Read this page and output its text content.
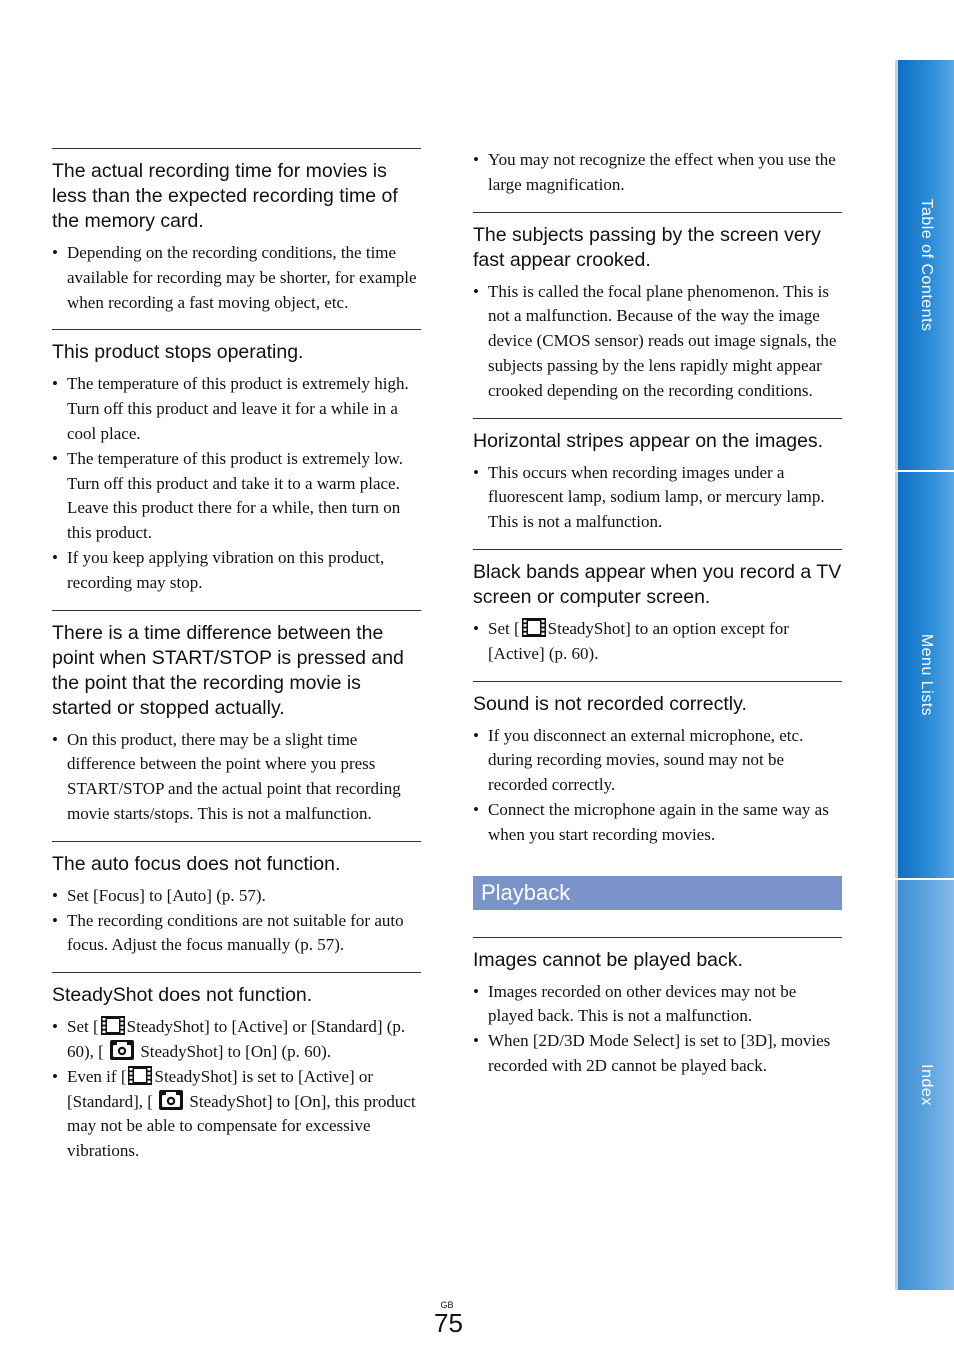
The actual recording time for movies is less than the expected recording time of the memory card.
• Depending on the recording conditions, the time available for recording may be shorter, for example when recording a fast moving object, etc.
This product stops operating.
• The temperature of this product is extremely high. Turn off this product and leave it for a while in a cool place.
• The temperature of this product is extremely low. Turn off this product and take it to a warm place. Leave this product there for a while, then turn on this product.
• If you keep applying vibration on this product, recording may stop.
There is a time difference between the point when START/STOP is pressed and the point that the recording movie is started or stopped actually.
• On this product, there may be a slight time difference between the point where you press START/STOP and the actual point that recording movie starts/stops. This is not a malfunction.
The auto focus does not function.
• Set [Focus] to [Auto] (p. 57).
• The recording conditions are not suitable for auto focus. Adjust the focus manually (p. 57).
SteadyShot does not function.
• Set [ SteadyShot] to [Active] or [Standard] (p. 60), [ SteadyShot] to [On] (p. 60).
• Even if [ SteadyShot] is set to [Active] or [Standard], [ SteadyShot] to [On], this product may not be able to compensate for excessive vibrations.
• You may not recognize the effect when you use the large magnification.
The subjects passing by the screen very fast appear crooked.
• This is called the focal plane phenomenon. This is not a malfunction. Because of the way the image device (CMOS sensor) reads out image signals, the subjects passing by the lens rapidly might appear crooked depending on the recording conditions.
Horizontal stripes appear on the images.
• This occurs when recording images under a fluorescent lamp, sodium lamp, or mercury lamp. This is not a malfunction.
Black bands appear when you record a TV screen or computer screen.
• Set [ SteadyShot] to an option except for [Active] (p. 60).
Sound is not recorded correctly.
• If you disconnect an external microphone, etc. during recording movies, sound may not be recorded correctly.
• Connect the microphone again in the same way as when you start recording movies.
Playback
Images cannot be played back.
• Images recorded on other devices may not be played back. This is not a malfunction.
• When [2D/3D Mode Select] is set to [3D], movies recorded with 2D cannot be played back.
Table of Contents
Menu Lists
Index
GB
75
